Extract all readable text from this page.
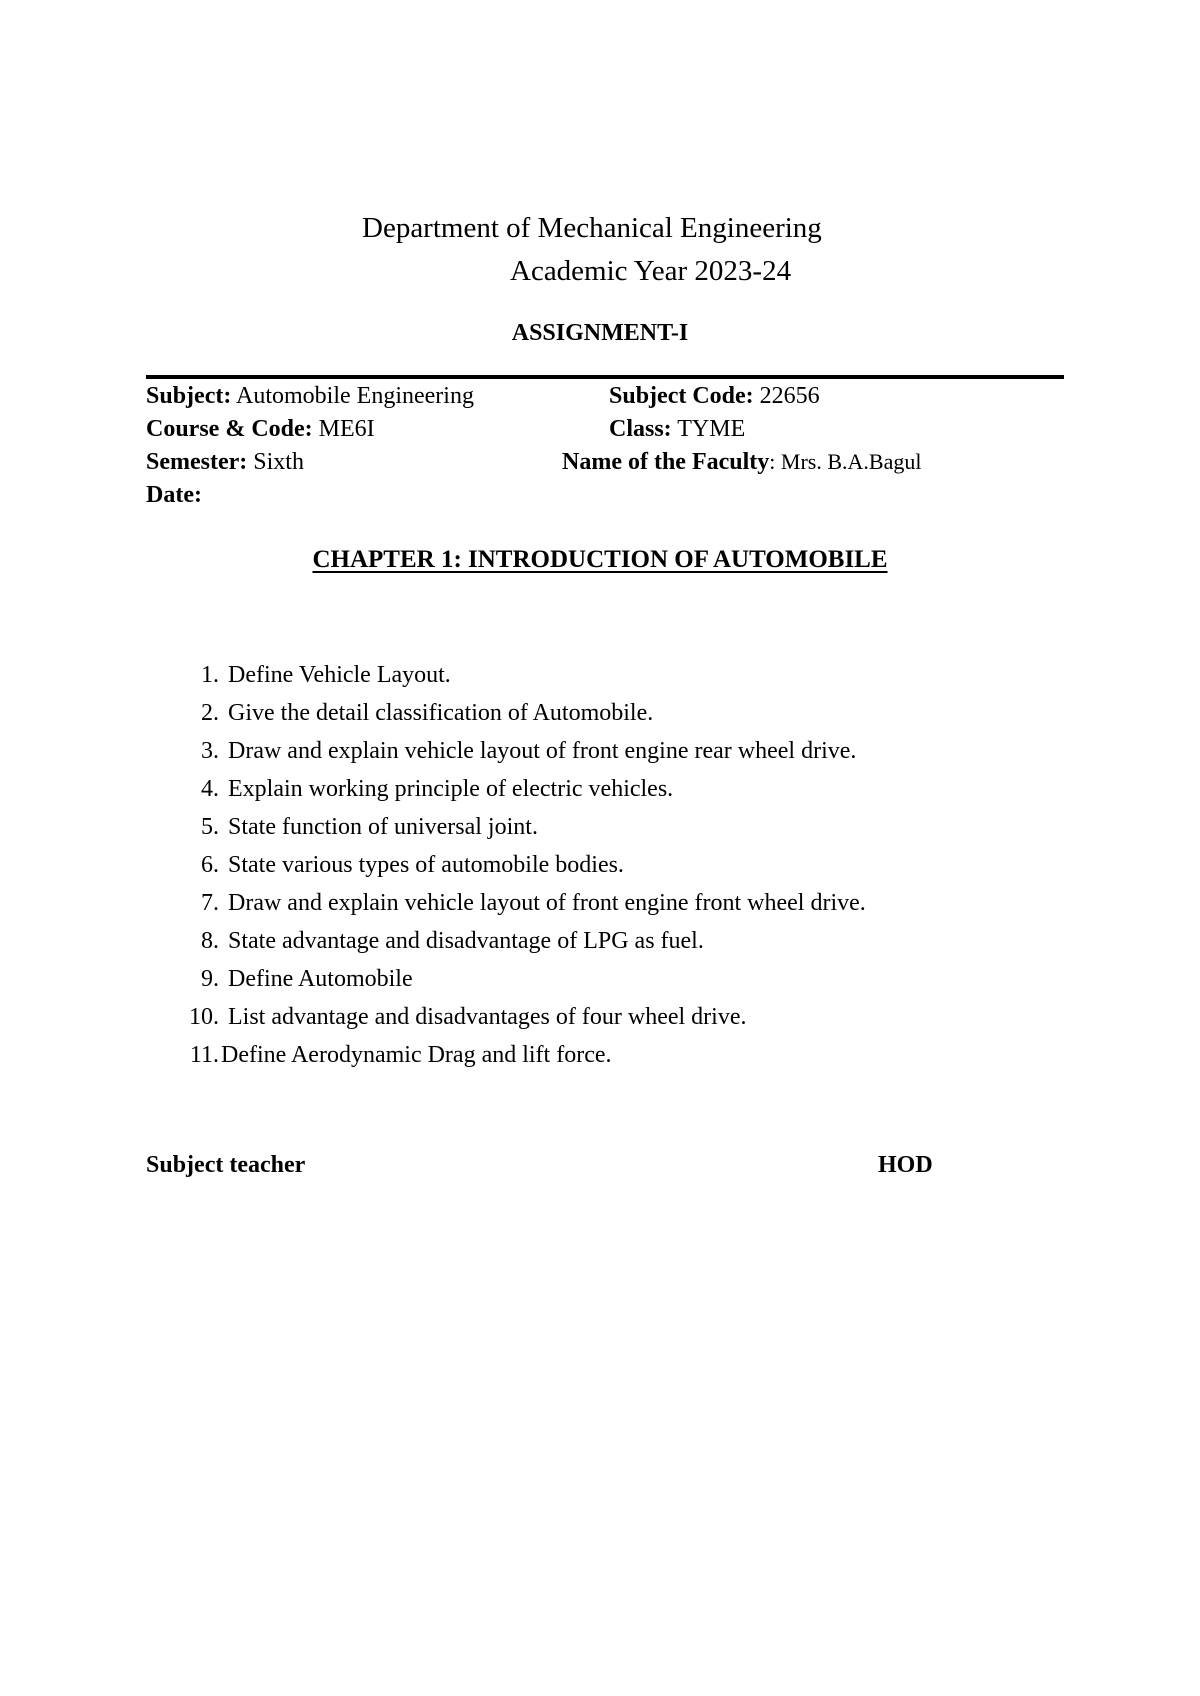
Department of Mechanical Engineering
Academic Year 2023-24
ASSIGNMENT-I
Subject: Automobile Engineering	Subject Code: 22656
Course & Code: ME6I	Class: TYME
Semester: Sixth	Name of the Faculty: Mrs. B.A.Bagul
Date:
CHAPTER 1: INTRODUCTION OF AUTOMOBILE
1. Define Vehicle Layout.
2. Give the detail classification of Automobile.
3. Draw and explain vehicle layout of front engine rear wheel drive.
4. Explain working principle of electric vehicles.
5. State function of universal joint.
6. State various types of automobile bodies.
7. Draw and explain vehicle layout of front engine front wheel drive.
8. State advantage and disadvantage of LPG as fuel.
9. Define Automobile
10. List advantage and disadvantages of four wheel drive.
11. Define Aerodynamic Drag and lift force.
Subject teacher	HOD
